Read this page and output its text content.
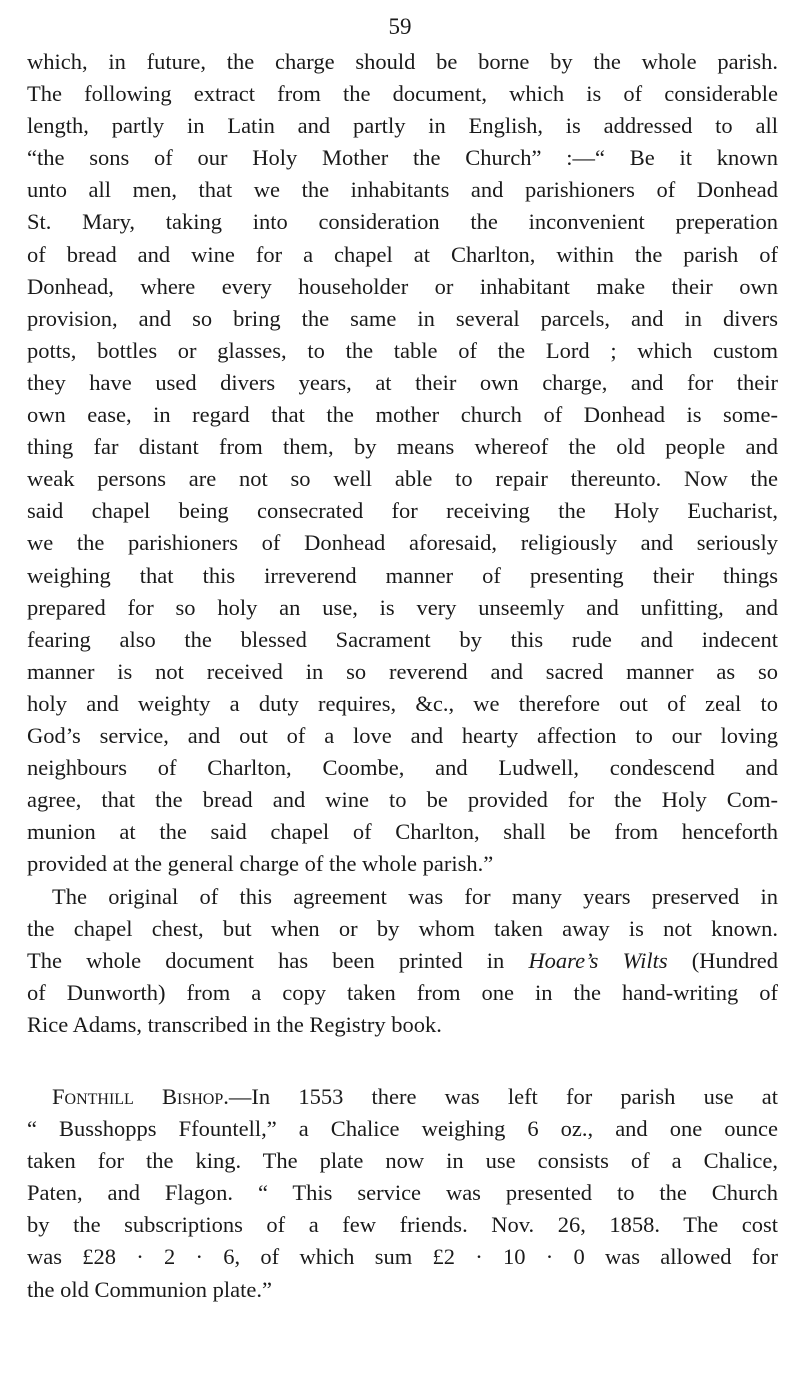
59
which, in future, the charge should be borne by the whole parish.
The following extract from the document, which is of considerable
length, partly in Latin and partly in English, is addressed to all
“the sons of our Holy Mother the Church” :—“ Be it known
unto all men, that we the inhabitants and parishioners of Donhead
St. Mary, taking into consideration the inconvenient preperation
of bread and wine for a chapel at Charlton, within the parish of
Donhead, where every householder or inhabitant make their own
provision, and so bring the same in several parcels, and in divers
potts, bottles or glasses, to the table of the Lord ; which custom
they have used divers years, at their own charge, and for their
own ease, in regard that the mother church of Donhead is some-
thing far distant from them, by means whereof the old people and
weak persons are not so well able to repair thereunto. Now the
said chapel being consecrated for receiving the Holy Eucharist,
we the parishioners of Donhead aforesaid, religiously and seriously
weighing that this irreverend manner of presenting their things
prepared for so holy an use, is very unseemly and unfitting, and
fearing also the blessed Sacrament by this rude and indecent
manner is not received in so reverend and sacred manner as so
holy and weighty a duty requires, &c., we therefore out of zeal to
God’s service, and out of a love and hearty affection to our loving
neighbours of Charlton, Coombe, and Ludwell, condescend and
agree, that the bread and wine to be provided for the Holy Com-
munion at the said chapel of Charlton, shall be from henceforth
provided at the general charge of the whole parish.”
The original of this agreement was for many years preserved in
the chapel chest, but when or by whom taken away is not known.
The whole document has been printed in Hoare’s Wilts (Hundred
of Dunworth) from a copy taken from one in the hand-writing of
Rice Adams, transcribed in the Registry book.
Fonthill Bishop.—In 1553 there was left for parish use at
“ Busshopps Ffountell,” a Chalice weighing 6 oz., and one ounce
taken for the king. The plate now in use consists of a Chalice,
Paten, and Flagon. “ This service was presented to the Church
by the subscriptions of a few friends. Nov. 26, 1858. The cost
was £28 · 2 · 6, of which sum £2 · 10 · 0 was allowed for
the old Communion plate.”
